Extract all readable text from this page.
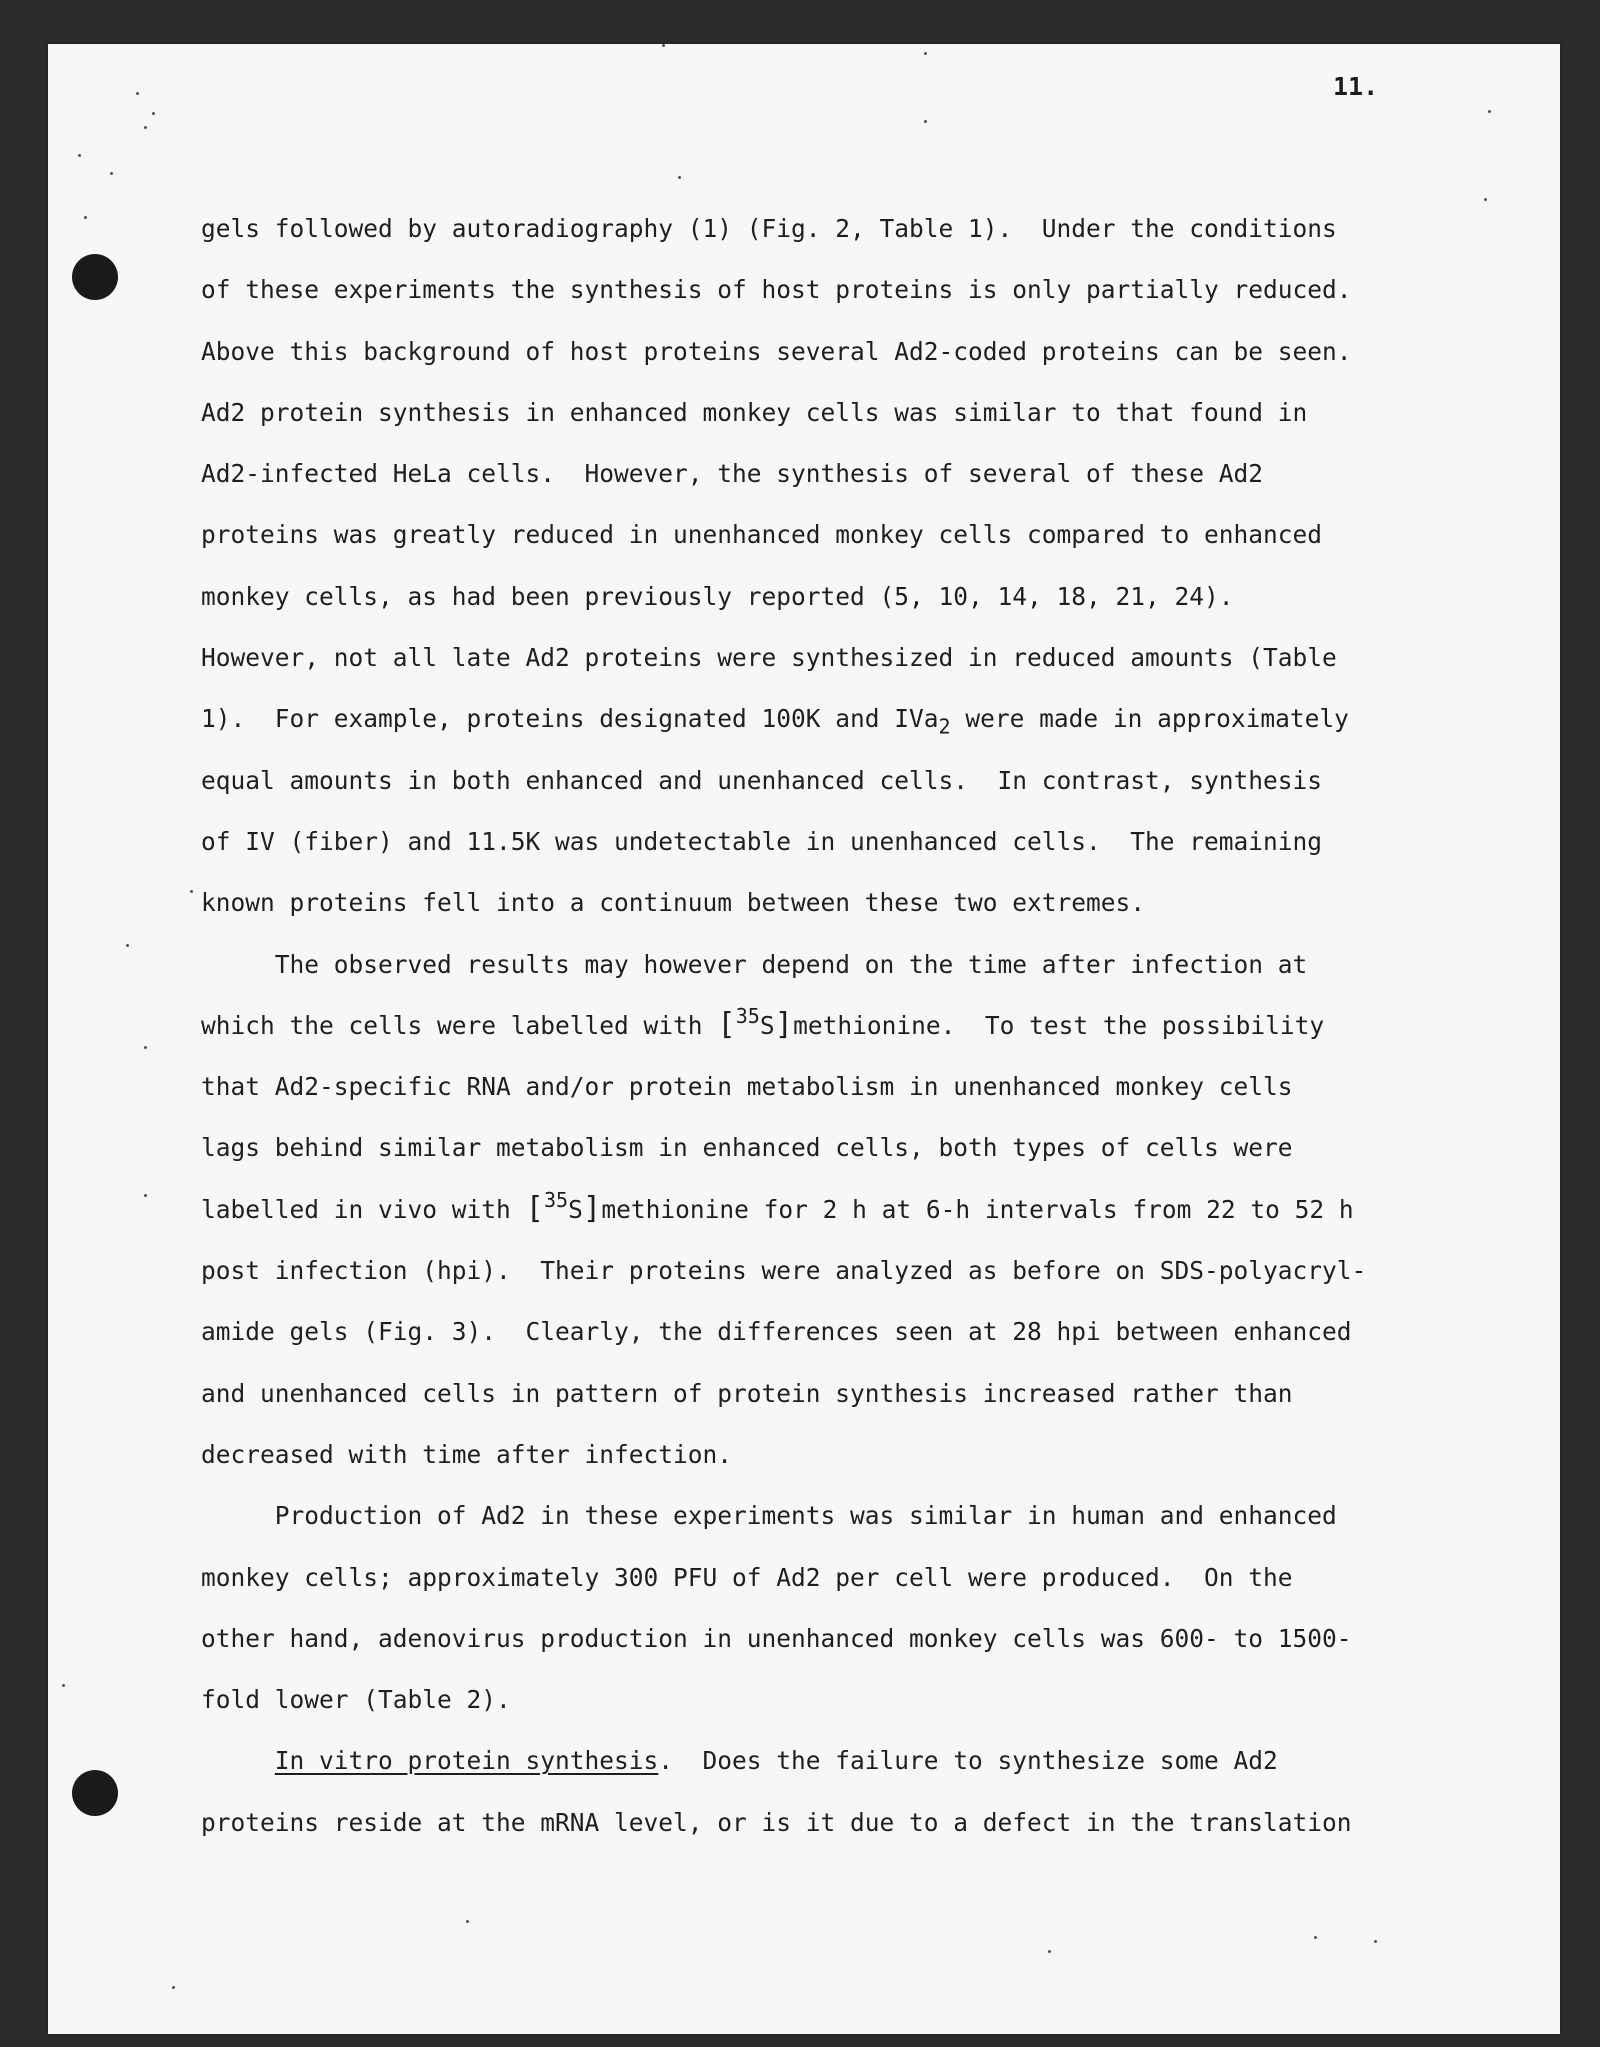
11.
gels followed by autoradiography (1) (Fig. 2, Table 1).  Under the conditions
of these experiments the synthesis of host proteins is only partially reduced.
Above this background of host proteins several Ad2-coded proteins can be seen.
Ad2 protein synthesis in enhanced monkey cells was similar to that found in
Ad2-infected HeLa cells.  However, the synthesis of several of these Ad2
proteins was greatly reduced in unenhanced monkey cells compared to enhanced
monkey cells, as had been previously reported (5, 10, 14, 18, 21, 24).
However, not all late Ad2 proteins were synthesized in reduced amounts (Table
1).  For example, proteins designated 100K and IVa$_2$ were made in approximately
equal amounts in both enhanced and unenhanced cells.  In contrast, synthesis
of IV (fiber) and 11.5K was undetectable in unenhanced cells.  The remaining
known proteins fell into a continuum between these two extremes.
The observed results may however depend on the time after infection at
which the cells were labelled with [$^{35}$S]methionine.  To test the possibility
that Ad2-specific RNA and/or protein metabolism in unenhanced monkey cells
lags behind similar metabolism in enhanced cells, both types of cells were
labelled in vivo with [$^{35}$S]methionine for 2 h at 6-h intervals from 22 to 52 h
post infection (hpi).  Their proteins were analyzed as before on SDS-polyacryl-
amide gels (Fig. 3).  Clearly, the differences seen at 28 hpi between enhanced
and unenhanced cells in pattern of protein synthesis increased rather than
decreased with time after infection.
Production of Ad2 in these experiments was similar in human and enhanced
monkey cells; approximately 300 PFU of Ad2 per cell were produced.  On the
other hand, adenovirus production in unenhanced monkey cells was 600- to 1500-
fold lower (Table 2).
In vitro protein synthesis.  Does the failure to synthesize some Ad2
proteins reside at the mRNA level, or is it due to a defect in the translation
